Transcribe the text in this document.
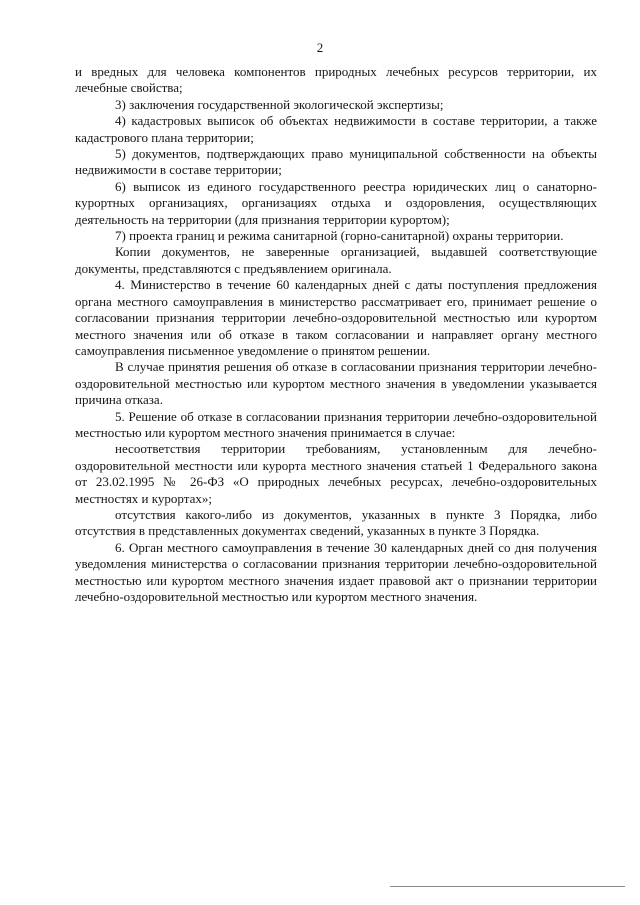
2

и вредных для человека компонентов природных лечебных ресурсов территории, их лечебные свойства;

3) заключения государственной экологической экспертизы;

4) кадастровых выписок об объектах недвижимости в составе территории, а также кадастрового плана территории;

5) документов, подтверждающих право муниципальной собственности на объекты недвижимости в составе территории;

6) выписок из единого государственного реестра юридических лиц о санаторно-курортных организациях, организациях отдыха и оздоровления, осуществляющих деятельность на территории (для признания территории курортом);

7) проекта границ и режима санитарной (горно-санитарной) охраны территории.

Копии документов, не заверенные организацией, выдавшей соответствующие документы, представляются с предъявлением оригинала.

4. Министерство в течение 60 календарных дней с даты поступления предложения органа местного самоуправления в министерство рассматривает его, принимает решение о согласовании признания территории лечебно-оздоровительной местностью или курортом местного значения или об отказе в таком согласовании и направляет органу местного самоуправления письменное уведомление о принятом решении.

В случае принятия решения об отказе в согласовании признания территории лечебно-оздоровительной местностью или курортом местного значения в уведомлении указывается причина отказа.

5. Решение об отказе в согласовании признания территории лечебно-оздоровительной местностью или курортом местного значения принимается в случае:

несоответствия территории требованиям, установленным для лечебно-оздоровительной местности или курорта местного значения статьей 1 Федерального закона от 23.02.1995 № 26-ФЗ «О природных лечебных ресурсах, лечебно-оздоровительных местностях и курортах»;

отсутствия какого-либо из документов, указанных в пункте 3 Порядка, либо отсутствия в представленных документах сведений, указанных в пункте 3 Порядка.

6. Орган местного самоуправления в течение 30 календарных дней со дня получения уведомления министерства о согласовании признания территории лечебно-оздоровительной местностью или курортом местного значения издает правовой акт о признании территории лечебно-оздоровительной местностью или курортом местного значения.
